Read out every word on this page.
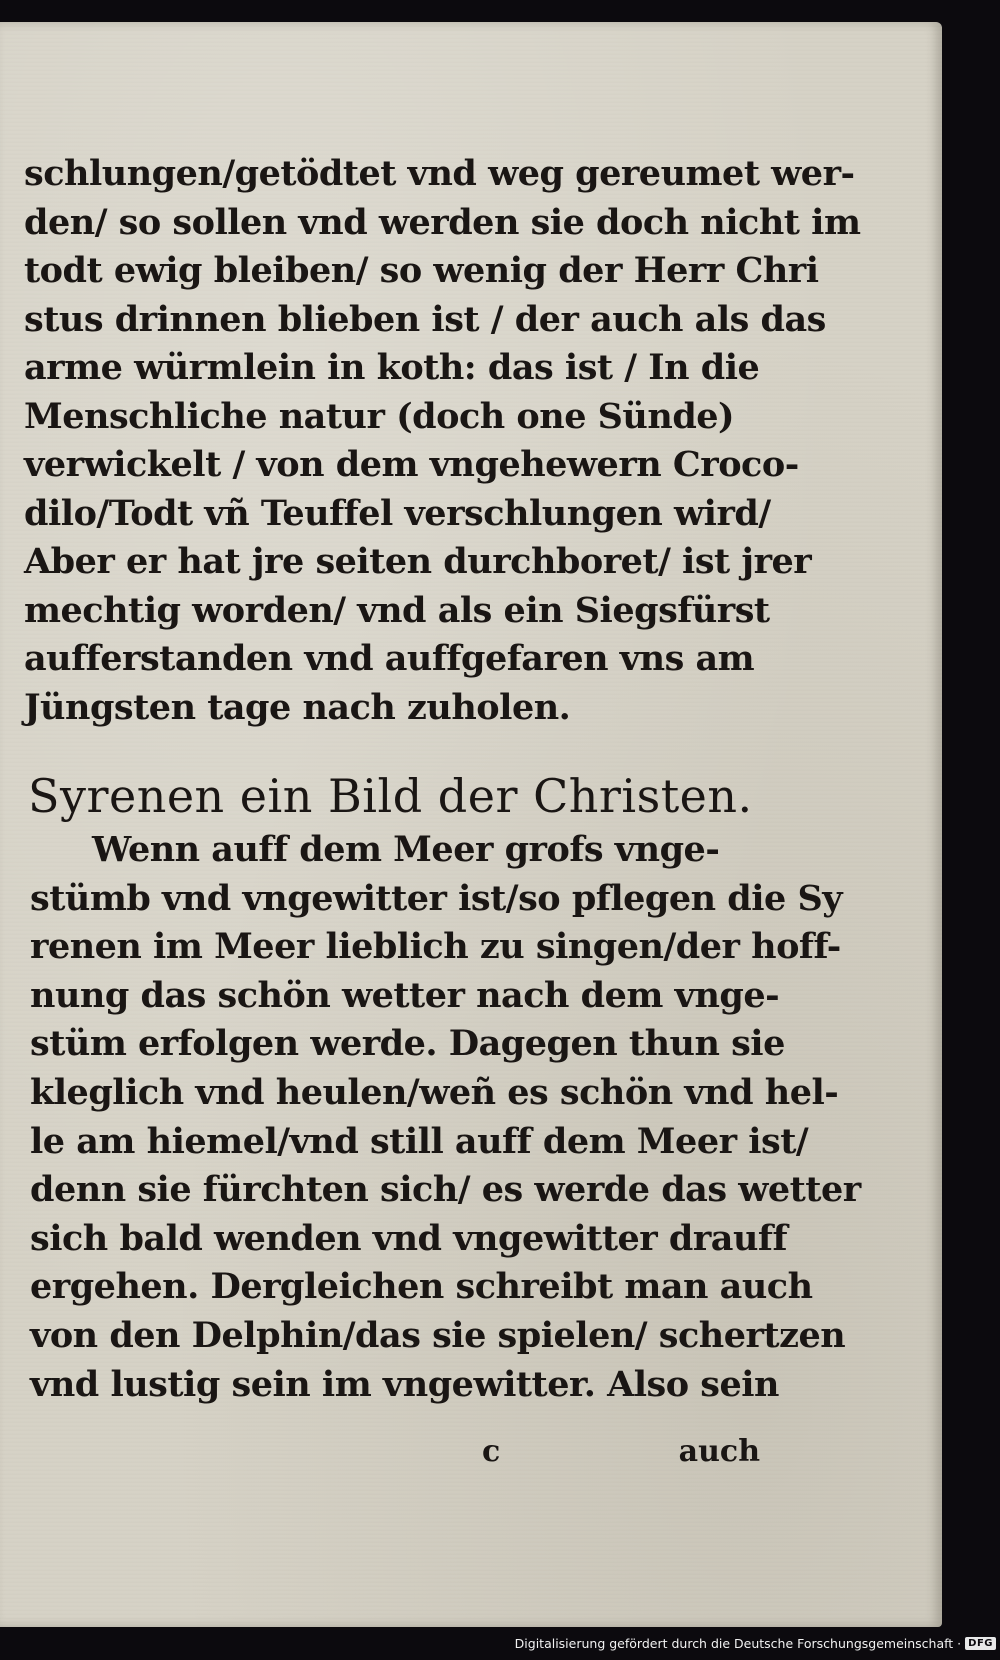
schlungen/getödtet vnd weg gereumet wer-
den/ so sollen vnd werden sie doch nicht im
todt ewig bleiben/ so wenig der Herr Chri
stus drinnen blieben ist / der auch als das
arme würmlein in koth: das ist / In die
Menschliche natur (doch one Sünde)
verwickelt / von dem vngehewern Croco-
dilo/Todt vñ Teuffel verschlungen wird/
Aber er hat jre seiten durchboret/ ist jrer
mechtig worden/ vnd als ein Siegsfürst
aufferstanden vnd auffgefaren vns am
Jüngsten tage nach zuholen.
Syrenen ein Bild der Christen.
Wenn auff dem Meer grofs vnge-
stümb vnd vngewitter ist/so pflegen die Sy
renen im Meer lieblich zu singen/der hoff-
nung das schön wetter nach dem vnge-
stüm erfolgen werde. Dagegen thun sie
kleglich vnd heulen/weñ es schön vnd hel-
le am hiemel/vnd still auff dem Meer ist/
denn sie fürchten sich/ es werde das wetter
sich bald wenden vnd vngewitter drauff
ergehen. Dergleichen schreibt man auch
von den Delphin/das sie spielen/ schertzen
vnd lustig sein im vngewitter. Also sein
c	auch
Digitalisierung gefördert durch die Deutsche Forschungsgemeinschaft · DFG
